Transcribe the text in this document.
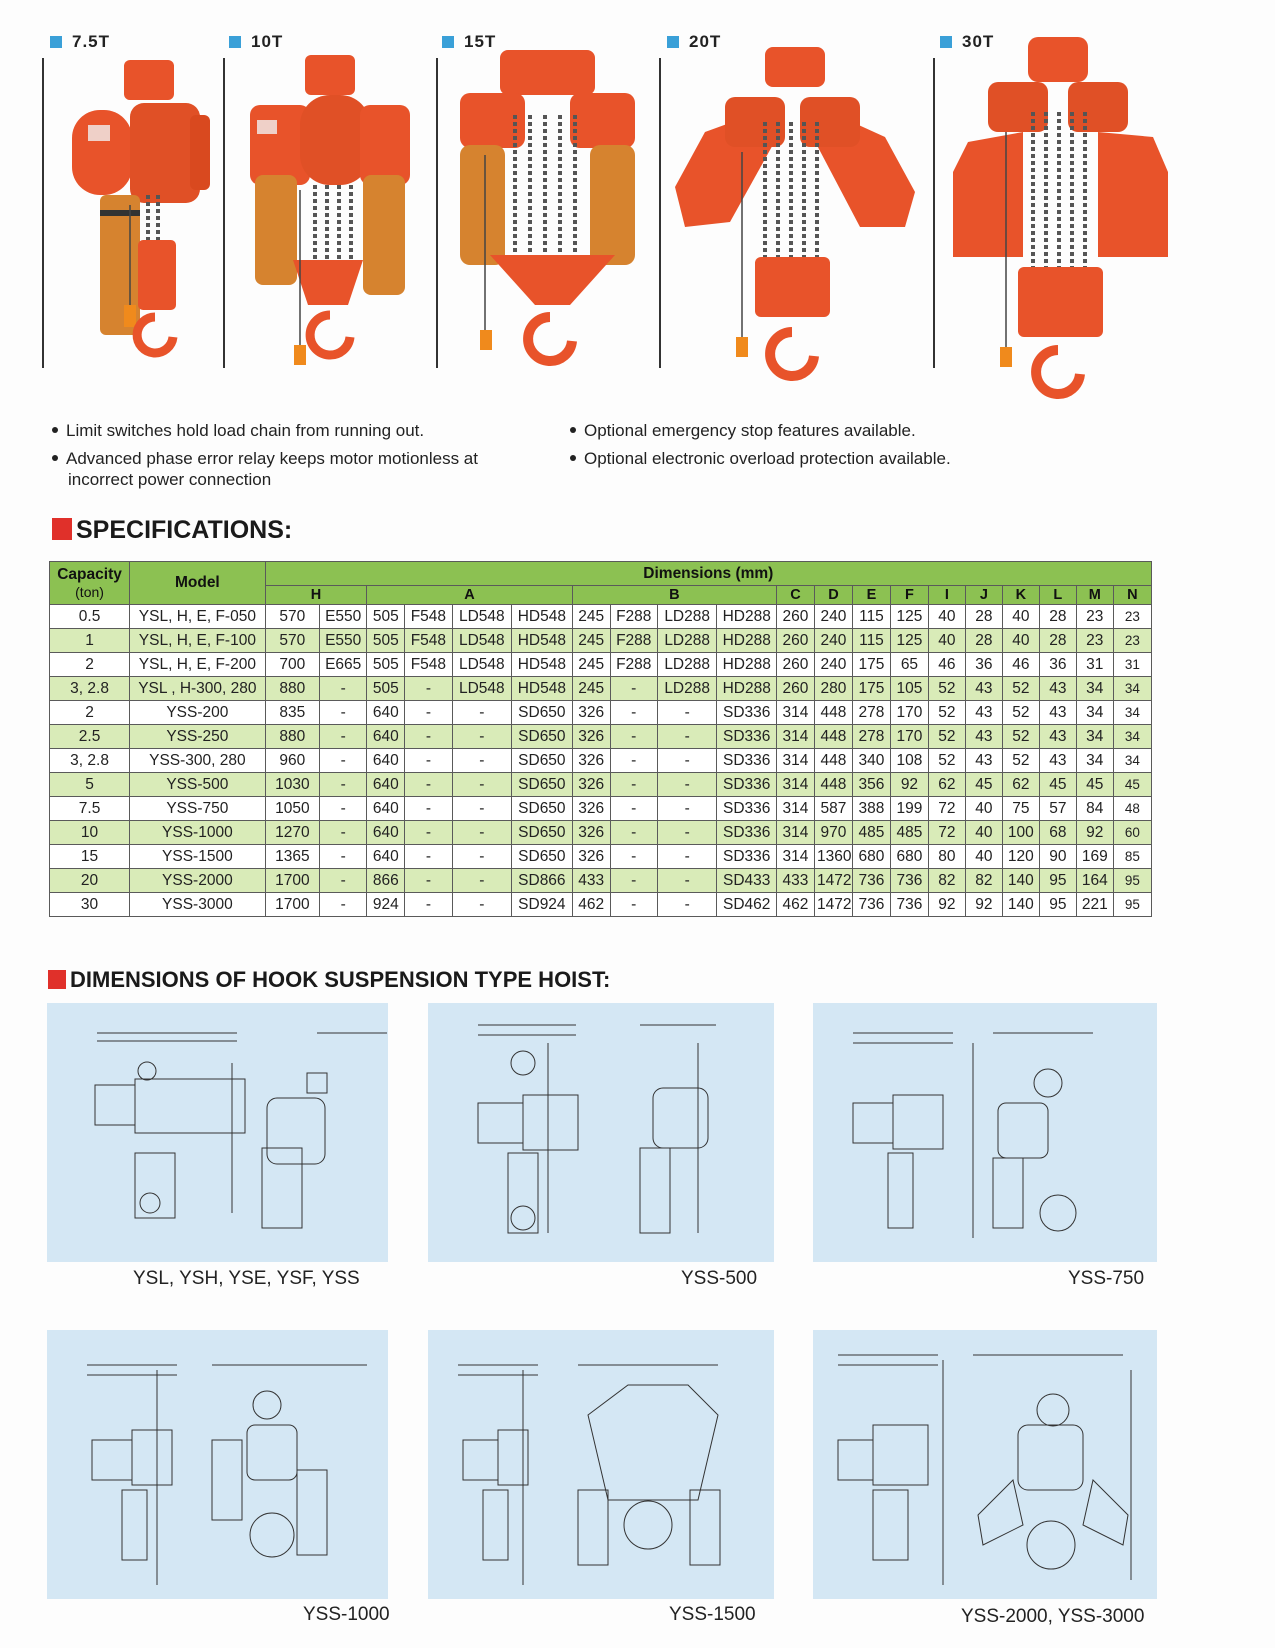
7.5T	10T	15T	20T	30T
Limit switches hold load chain from running out.
Advanced phase error relay keeps motor motionless at incorrect power connection
Optional emergency stop features available.
Optional electronic overload protection available.
SPECIFICATIONS:
Capacity
(ton)	Model	Dimensions (mm)																			
		H		A				B				C	D	E	F	I	J	K	L	M	N
0.5	YSL, H, E, F-050	570	E550	505	F548	LD548	HD548	245	F288	LD288	HD288	260	240	115	125	40	28	40	28	23	23
1	YSL, H, E, F-100	570	E550	505	F548	LD548	HD548	245	F288	LD288	HD288	260	240	115	125	40	28	40	28	23	23
2	YSL, H, E, F-200	700	E665	505	F548	LD548	HD548	245	F288	LD288	HD288	260	240	175	65	46	36	46	36	31	31
3, 2.8	YSL , H-300, 280	880	-	505	-	LD548	HD548	245	-	LD288	HD288	260	280	175	105	52	43	52	43	34	34
2	YSS-200	835	-	640	-	-	SD650	326	-	-	SD336	314	448	278	170	52	43	52	43	34	34
2.5	YSS-250	880	-	640	-	-	SD650	326	-	-	SD336	314	448	278	170	52	43	52	43	34	34
3, 2.8	YSS-300, 280	960	-	640	-	-	SD650	326	-	-	SD336	314	448	340	108	52	43	52	43	34	34
5	YSS-500	1030	-	640	-	-	SD650	326	-	-	SD336	314	448	356	92	62	45	62	45	45	45
7.5	YSS-750	1050	-	640	-	-	SD650	326	-	-	SD336	314	587	388	199	72	40	75	57	84	48
10	YSS-1000	1270	-	640	-	-	SD650	326	-	-	SD336	314	970	485	485	72	40	100	68	92	60
15	YSS-1500	1365	-	640	-	-	SD650	326	-	-	SD336	314	1360	680	680	80	40	120	90	169	85
20	YSS-2000	1700	-	866	-	-	SD866	433	-	-	SD433	433	1472	736	736	82	82	140	95	164	95
30	YSS-3000	1700	-	924	-	-	SD924	462	-	-	SD462	462	1472	736	736	92	92	140	95	221	95
DIMENSIONS OF HOOK SUSPENSION TYPE HOIST:
YSL, YSH, YSE, YSF, YSS	YSS-500	YSS-750
YSS-1000	YSS-1500	YSS-2000, YSS-3000
